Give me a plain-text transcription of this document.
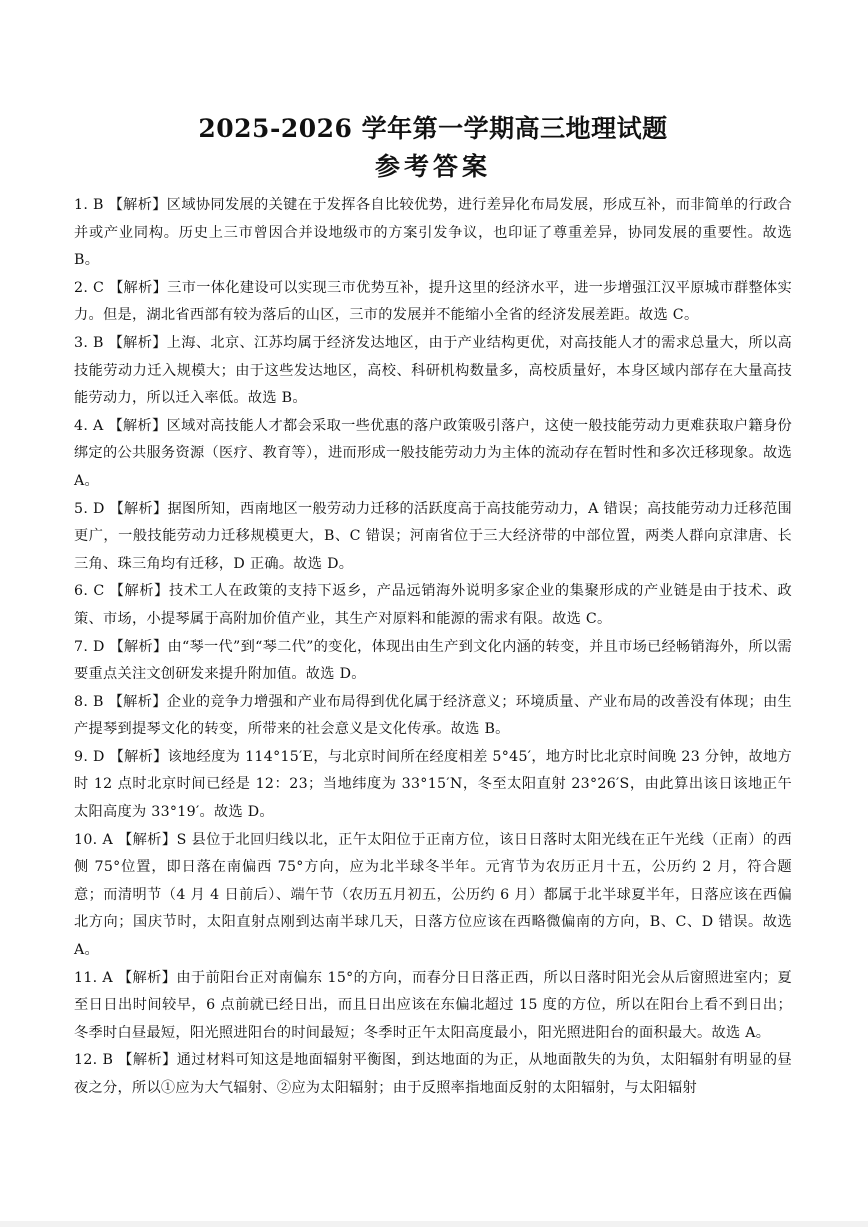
2025-2026 学年第一学期高三地理试题
参考答案

1. B 【解析】区域协同发展的关键在于发挥各自比较优势，进行差异化布局发展，形成互补，而非简单的行政合并或产业同构。历史上三市曾因合并设地级市的方案引发争议，也印证了尊重差异，协同发展的重要性。故选 B。

2. C 【解析】三市一体化建设可以实现三市优势互补，提升这里的经济水平，进一步增强江汉平原城市群整体实力。但是，湖北省西部有较为落后的山区，三市的发展并不能缩小全省的经济发展差距。故选 C。

3. B 【解析】上海、北京、江苏均属于经济发达地区，由于产业结构更优，对高技能人才的需求总量大，所以高技能劳动力迁入规模大；由于这些发达地区，高校、科研机构数量多，高校质量好，本身区域内部存在大量高技能劳动力，所以迁入率低。故选 B。

4. A 【解析】区域对高技能人才都会采取一些优惠的落户政策吸引落户，这使一般技能劳动力更难获取户籍身份绑定的公共服务资源（医疗、教育等），进而形成一般技能劳动力为主体的流动存在暂时性和多次迁移现象。故选 A。

5. D 【解析】据图所知，西南地区一般劳动力迁移的活跃度高于高技能劳动力，A 错误；高技能劳动力迁移范围更广，一般技能劳动力迁移规模更大，B、C 错误；河南省位于三大经济带的中部位置，两类人群向京津唐、长三角、珠三角均有迁移，D 正确。故选 D。

6. C 【解析】技术工人在政策的支持下返乡，产品远销海外说明多家企业的集聚形成的产业链是由于技术、政策、市场，小提琴属于高附加价值产业，其生产对原料和能源的需求有限。故选 C。

7. D 【解析】由“琴一代”到“琴二代”的变化，体现出由生产到文化内涵的转变，并且市场已经畅销海外，所以需要重点关注文创研发来提升附加值。故选 D。

8. B 【解析】企业的竞争力增强和产业布局得到优化属于经济意义；环境质量、产业布局的改善没有体现；由生产提琴到提琴文化的转变，所带来的社会意义是文化传承。故选 B。

9. D 【解析】该地经度为 114°15′E，与北京时间所在经度相差 5°45′，地方时比北京时间晚 23 分钟，故地方时 12 点时北京时间已经是 12：23；当地纬度为 33°15′N，冬至太阳直射 23°26′S，由此算出该日该地正午太阳高度为 33°19′。故选 D。

10. A 【解析】S 县位于北回归线以北，正午太阳位于正南方位，该日日落时太阳光线在正午光线（正南）的西侧 75°位置，即日落在南偏西 75°方向，应为北半球冬半年。元宵节为农历正月十五，公历约 2 月，符合题意；而清明节（4 月 4 日前后）、端午节（农历五月初五，公历约 6 月）都属于北半球夏半年，日落应该在西偏北方向；国庆节时，太阳直射点刚到达南半球几天，日落方位应该在西略微偏南的方向，B、C、D 错误。故选 A。

11. A 【解析】由于前阳台正对南偏东 15°的方向，而春分日日落正西，所以日落时阳光会从后窗照进室内；夏至日日出时间较早，6 点前就已经日出，而且日出应该在东偏北超过 15 度的方位，所以在阳台上看不到日出；冬季时白昼最短，阳光照进阳台的时间最短；冬季时正午太阳高度最小，阳光照进阳台的面积最大。故选 A。

12. B 【解析】通过材料可知这是地面辐射平衡图，到达地面的为正，从地面散失的为负，太阳辐射有明显的昼夜之分，所以①应为大气辐射、②应为太阳辐射；由于反照率指地面反射的太阳辐射，与太阳辐射
